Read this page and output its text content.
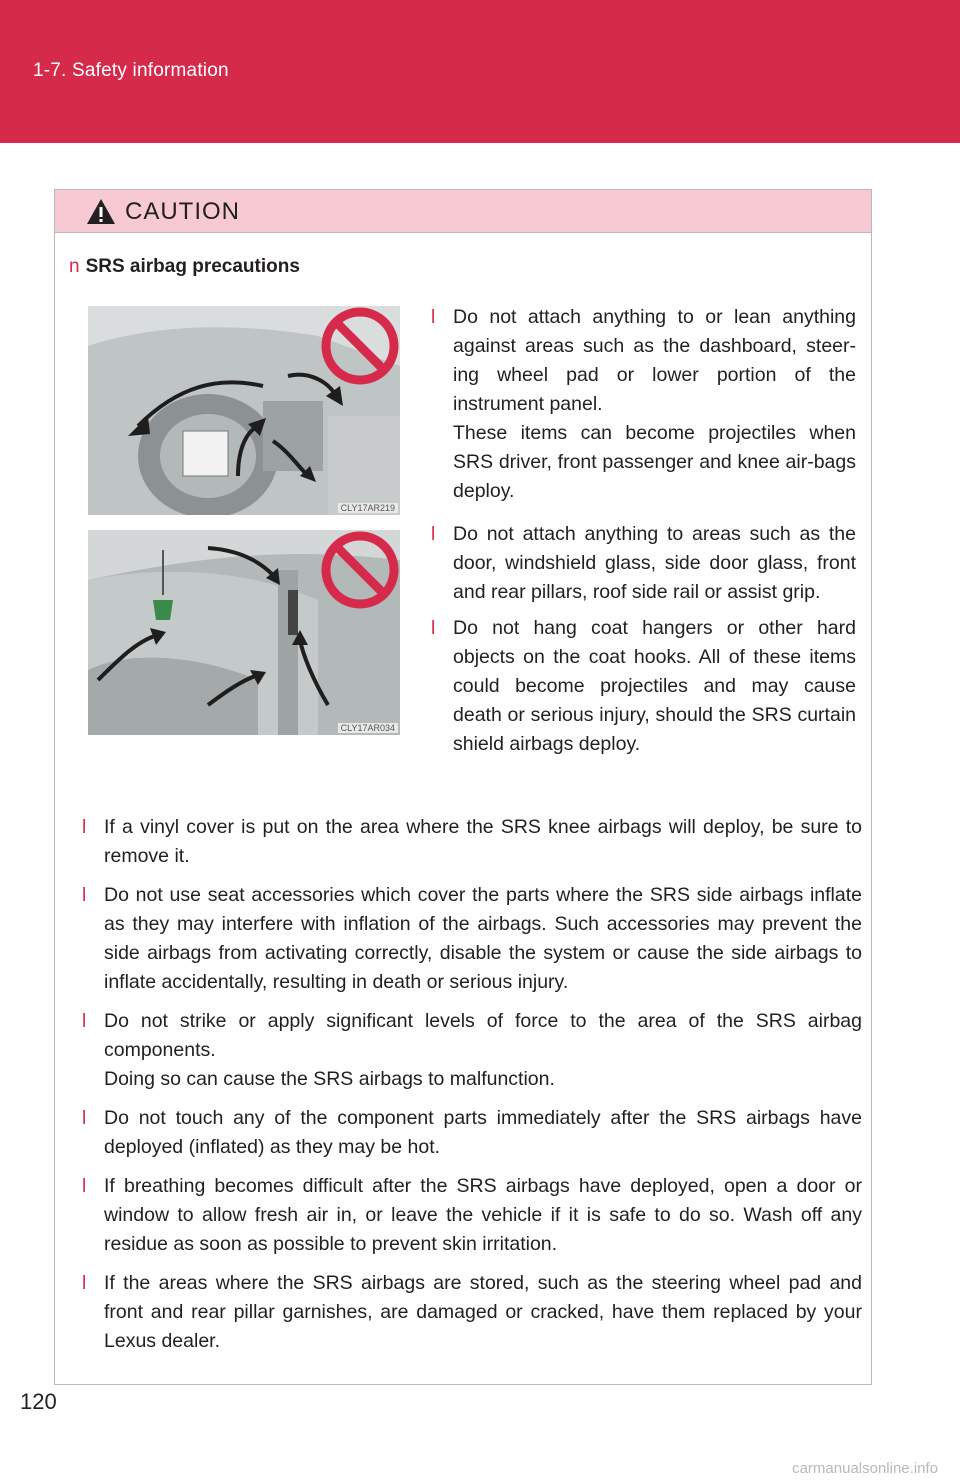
1-7. Safety information
CAUTION
n SRS airbag precautions
CLY17AR219
CLY17AR034
l Do not attach anything to or lean anything against areas such as the dashboard, steer-ing wheel pad or lower portion of the instrument panel.
These items can become projectiles when SRS driver, front passenger and knee air-bags deploy.
l Do not attach anything to areas such as the door, windshield glass, side door glass, front and rear pillars, roof side rail or assist grip.
l Do not hang coat hangers or other hard objects on the coat hooks. All of these items could become projectiles and may cause death or serious injury, should the SRS curtain shield airbags deploy.
l If a vinyl cover is put on the area where the SRS knee airbags will deploy, be sure to remove it.
l Do not use seat accessories which cover the parts where the SRS side airbags inflate as they may interfere with inflation of the airbags. Such accessories may prevent the side airbags from activating correctly, disable the system or cause the side airbags to inflate accidentally, resulting in death or serious injury.
l Do not strike or apply significant levels of force to the area of the SRS airbag components.
Doing so can cause the SRS airbags to malfunction.
l Do not touch any of the component parts immediately after the SRS airbags have deployed (inflated) as they may be hot.
l If breathing becomes difficult after the SRS airbags have deployed, open a door or window to allow fresh air in, or leave the vehicle if it is safe to do so. Wash off any residue as soon as possible to prevent skin irritation.
l If the areas where the SRS airbags are stored, such as the steering wheel pad and front and rear pillar garnishes, are damaged or cracked, have them replaced by your Lexus dealer.
120
carmanualsonline.info
